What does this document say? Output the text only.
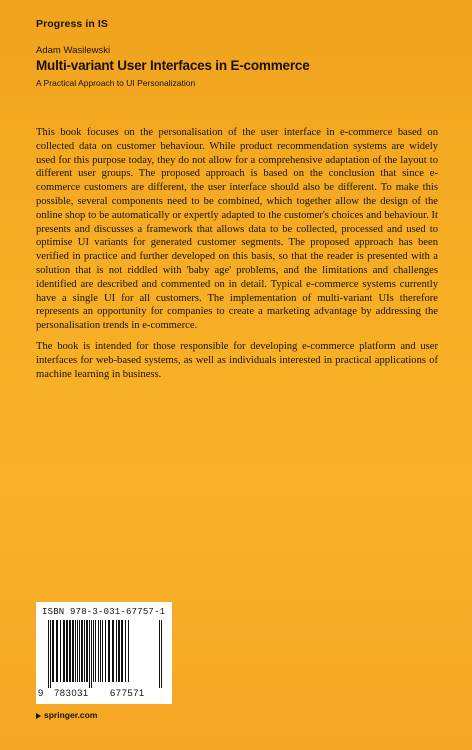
Progress in IS
Adam Wasilewski
Multi-variant User Interfaces in E-commerce
A Practical Approach to UI Personalization

This book focuses on the personalisation of the user interface in e-commerce based on collected data on customer behaviour. While product recommendation systems are widely used for this purpose today, they do not allow for a comprehensive adaptation of the layout to different user groups. The proposed approach is based on the conclusion that since e-commerce customers are different, the user interface should also be different. To make this possible, several components need to be combined, which together allow the design of the online shop to be automatically or expertly adapted to the customer's choices and behaviour. It presents and discusses a framework that allows data to be collected, processed and used to optimise UI variants for generated customer segments. The proposed approach has been verified in practice and further developed on this basis, so that the reader is presented with a solution that is not riddled with 'baby age' problems, and the limitations and challenges identified are described and commented on in detail. Typical e-commerce systems currently have a single UI for all customers. The implementation of multi-variant UIs therefore represents an opportunity for companies to create a marketing advantage by addressing the personalisation trends in e-commerce.

The book is intended for those responsible for developing e-commerce platform and user interfaces for web-based systems, as well as individuals interested in practical applications of machine learning in business.

ISBN 978-3-031-67757-1
9 783031 677571
springer.com
